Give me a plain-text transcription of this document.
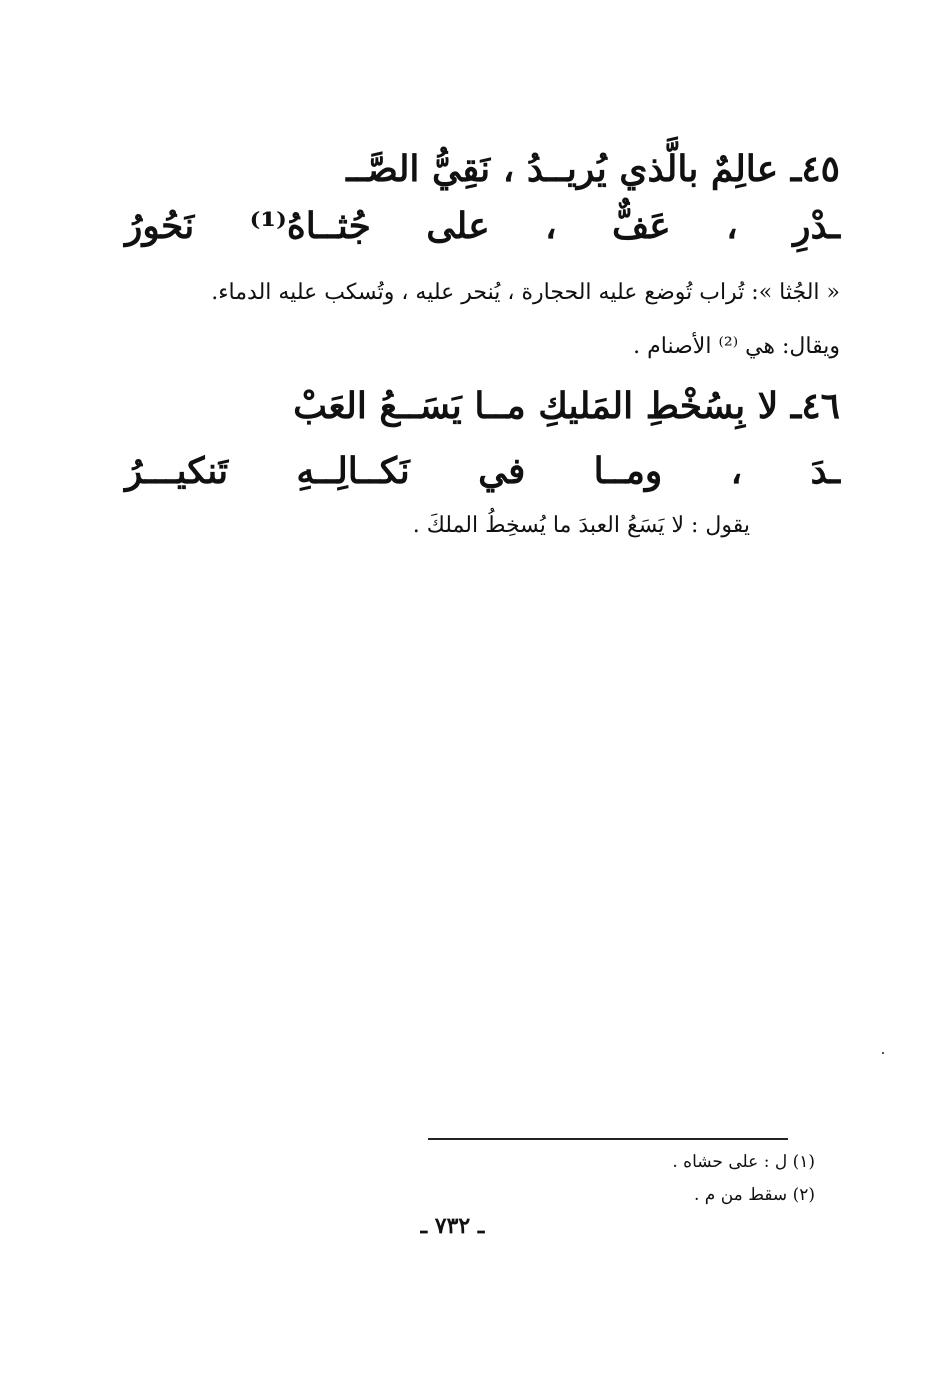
٤٥ـ عالِمٌ بالَّذي يُريــدُ ، نَقِيُّ الصَّــ
ـدْرِ ، عَفٌّ ، على جُثــاهُ⁽¹⁾ نَحُورُ
« الجُثا »: تُراب تُوضع عليه الحجارة ، يُنحر عليه ، وتُسكب عليه الدماء.
ويقال: هي ⁽²⁾ الأصنام .
٤٦ـ لا بِسُخْطِ المَليكِ مــا يَسَــعُ العَبْ
ـدَ ، ومــا في نَكــالِــهِ تَنكيـــرُ
يقول : لا يَسَعُ العبدَ ما يُسخِطُ الملكَ .
(١) ل : على حشاه .
(٢) سقط من م .
ـ ٧٣٢ ـ
